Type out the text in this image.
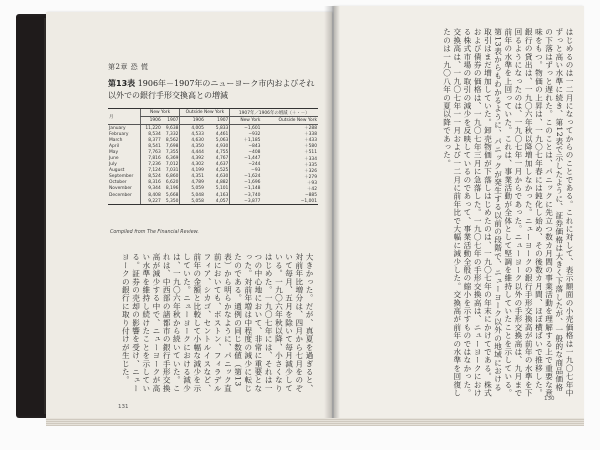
第2章 恐 慌
第13表 1906年－1907年のニューヨーク市内およびそれ以外での銀行手形交換高との増減
月	New York		Outside New York		1907年／1906年の増減（＋・－）	
	1906	1907	1906	1907	New York	Outside New York
January	11,220	9,638	4,005	5,833	−1,601	＋288
February	8,534	7,332	4,533	4,461	−932	＋338
March	8,377	8,562	4,630	5,063	＋1,185	＋433
April	8,541	7,698	4,350	4,930	−843	＋580
May	7,763	7,355	4,444	4,755	−408	＋511
June	7,816	6,369	4,392	4,767	−1,447	＋334
July	7,236	7,012	4,302	4,637	−244	＋335
August	7,124	7,031	4,199	4,525	−93	＋326
September	8,524	6,860	4,351	4,630	−1,624	＋279
October	8,316	6,620	4,789	4,882	−1,696	＋93
November	9,344	8,196	5,059	5,101	−1,148	＋42
December	8,408	5,668	5,048	4,163	−3,740	−885
	9,227	5,350	5,058	4,057	−3,877	−1,001
Compiled from The Financial Review.
大きかった。だが、真夏を過ぎると、対前年比増分は、四月から七月をのぞいて毎月、五月を除いて毎月減少している。一九〇六年秋以降、小さくなりはじめた。一九〇七年には、それは一つの中心地において、非常に重要となった。対前年増は中程度の減少に転じたのである。通例の同じ数値（第13表）から明らかなように、パニック直前においても、ボストン、フィラデルフィア、シカゴ、セントルイスなど、前年の金額と比較して小幅な減少を示していた。ニューヨークにおける減少は、一九〇六年秋から続いていた。これは、中西部の諸都市の銀行手形交換高が減少する中で、ニューヨークが高い水準を維持し続けたことを示している。証券の売却の影響を受け、ニューヨークの銀行に取り付けが生じた。	はじめるのは一二月になってからのことである。これに対して、表示額面の小売価格は一九〇七年中ずっと高い水準に続き、第12表で示したように、証券価格は大きく下落したが、一般的な商品価格の下落はずっと遅れた。このことは、パニックに先立つ数カ月間の事業活動を理解する上で重要な意味をもつ。物価の上昇は、一九〇七年春には鈍化し始め、その後数カ月間、ほぼ横ばいで推移した。銀行の貸出は、一九〇六年秋以降増加しなかった。ニューヨークの銀行手形交換高が前年の水準を下回るようになったのは、一九〇七年一月からであった。ニューヨーク以外の手形交換高は、九月まで前年の水準を上回っていた。これは、事業活動が全体として堅調を維持していたことを示している。第13表からもわかるように、パニックが発生する以前の段階で、ニューヨーク以外の地域における取引はまだ増加していた。卸売物価が下落しはじめたのは、一九〇七年の年末にかけてである。株式および債券の価格は、一九〇七年三月に急落した。一九〇七年の手形交換高は、ニューヨークにおける株式市場の取引の減少を反映しているのであって、事業活動全般の縮小を示すものではなかった。交換高は、一九〇七年一一月および一二月に前年比で大幅に減少した。交換高が前年の水準を回復したのは一九〇八年の夏以降であった。
131
130
